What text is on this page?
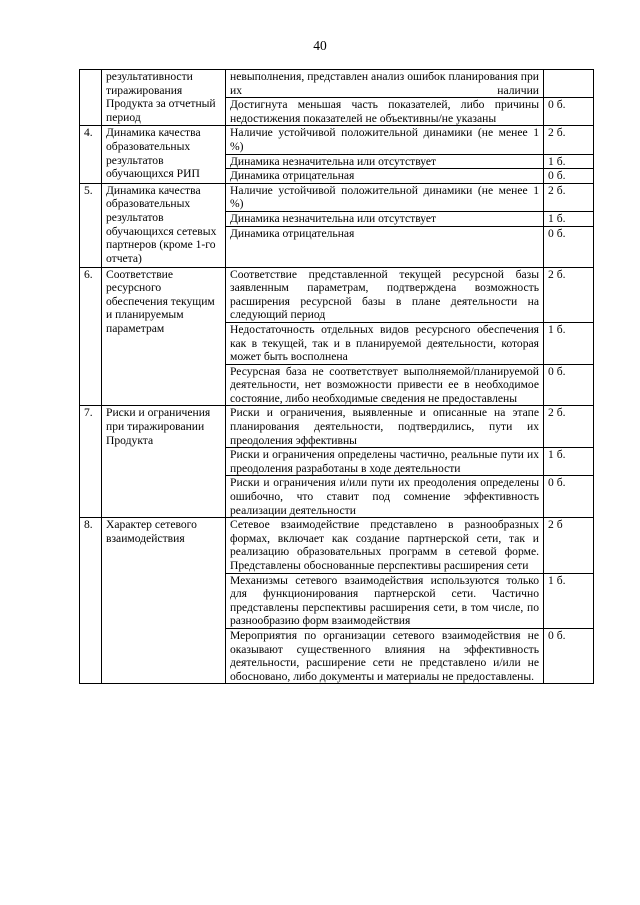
40
	результативности тиражирования Продукта за отчетный период	невыполнения, представлен анализ ошибок планирования при их наличии	
		Достигнута меньшая часть показателей, либо причины недостижения показателей не объективны/не указаны	0 б.
4.	Динамика качества образовательных результатов обучающихся РИП	Наличие устойчивой положительной динамики (не менее 1 %)	2 б.
		Динамика незначительна или отсутствует	1 б.
		Динамика отрицательная	0 б.
5.	Динамика качества образовательных результатов обучающихся сетевых партнеров (кроме 1-го отчета)	Наличие устойчивой положительной динамики (не менее 1 %)	2 б.
		Динамика незначительна или отсутствует	1 б.
		Динамика отрицательная	0 б.
6.	Соответствие ресурсного обеспечения текущим и планируемым параметрам	Соответствие представленной текущей ресурсной базы заявленным параметрам, подтверждена возможность расширения ресурсной базы в плане деятельности на следующий период	2 б.
		Недостаточность отдельных видов ресурсного обеспечения как в текущей, так и в планируемой деятельности, которая может быть восполнена	1 б.
		Ресурсная база не соответствует выполняемой/планируемой деятельности, нет возможности привести ее в необходимое состояние, либо необходимые сведения не предоставлены	0 б.
7.	Риски и ограничения при тиражировании Продукта	Риски и ограничения, выявленные и описанные на этапе планирования деятельности, подтвердились, пути их преодоления эффективны	2 б.
		Риски и ограничения определены частично, реальные пути их преодоления разработаны в ходе деятельности	1 б.
		Риски и ограничения и/или пути их преодоления определены ошибочно, что ставит под сомнение эффективность реализации деятельности	0 б.
8.	Характер сетевого взаимодействия	Сетевое взаимодействие представлено в разнообразных формах, включает как создание партнерской сети, так и реализацию образовательных программ в сетевой форме. Представлены обоснованные перспективы расширения сети	2 б
		Механизмы сетевого взаимодействия используются только для функционирования партнерской сети. Частично представлены перспективы расширения сети, в том числе, по разнообразию форм взаимодействия	1 б.
		Мероприятия по организации сетевого взаимодействия не оказывают существенного влияния на эффективность деятельности, расширение сети не представлено и/или не обосновано, либо документы и материалы не предоставлены.	0 б.
